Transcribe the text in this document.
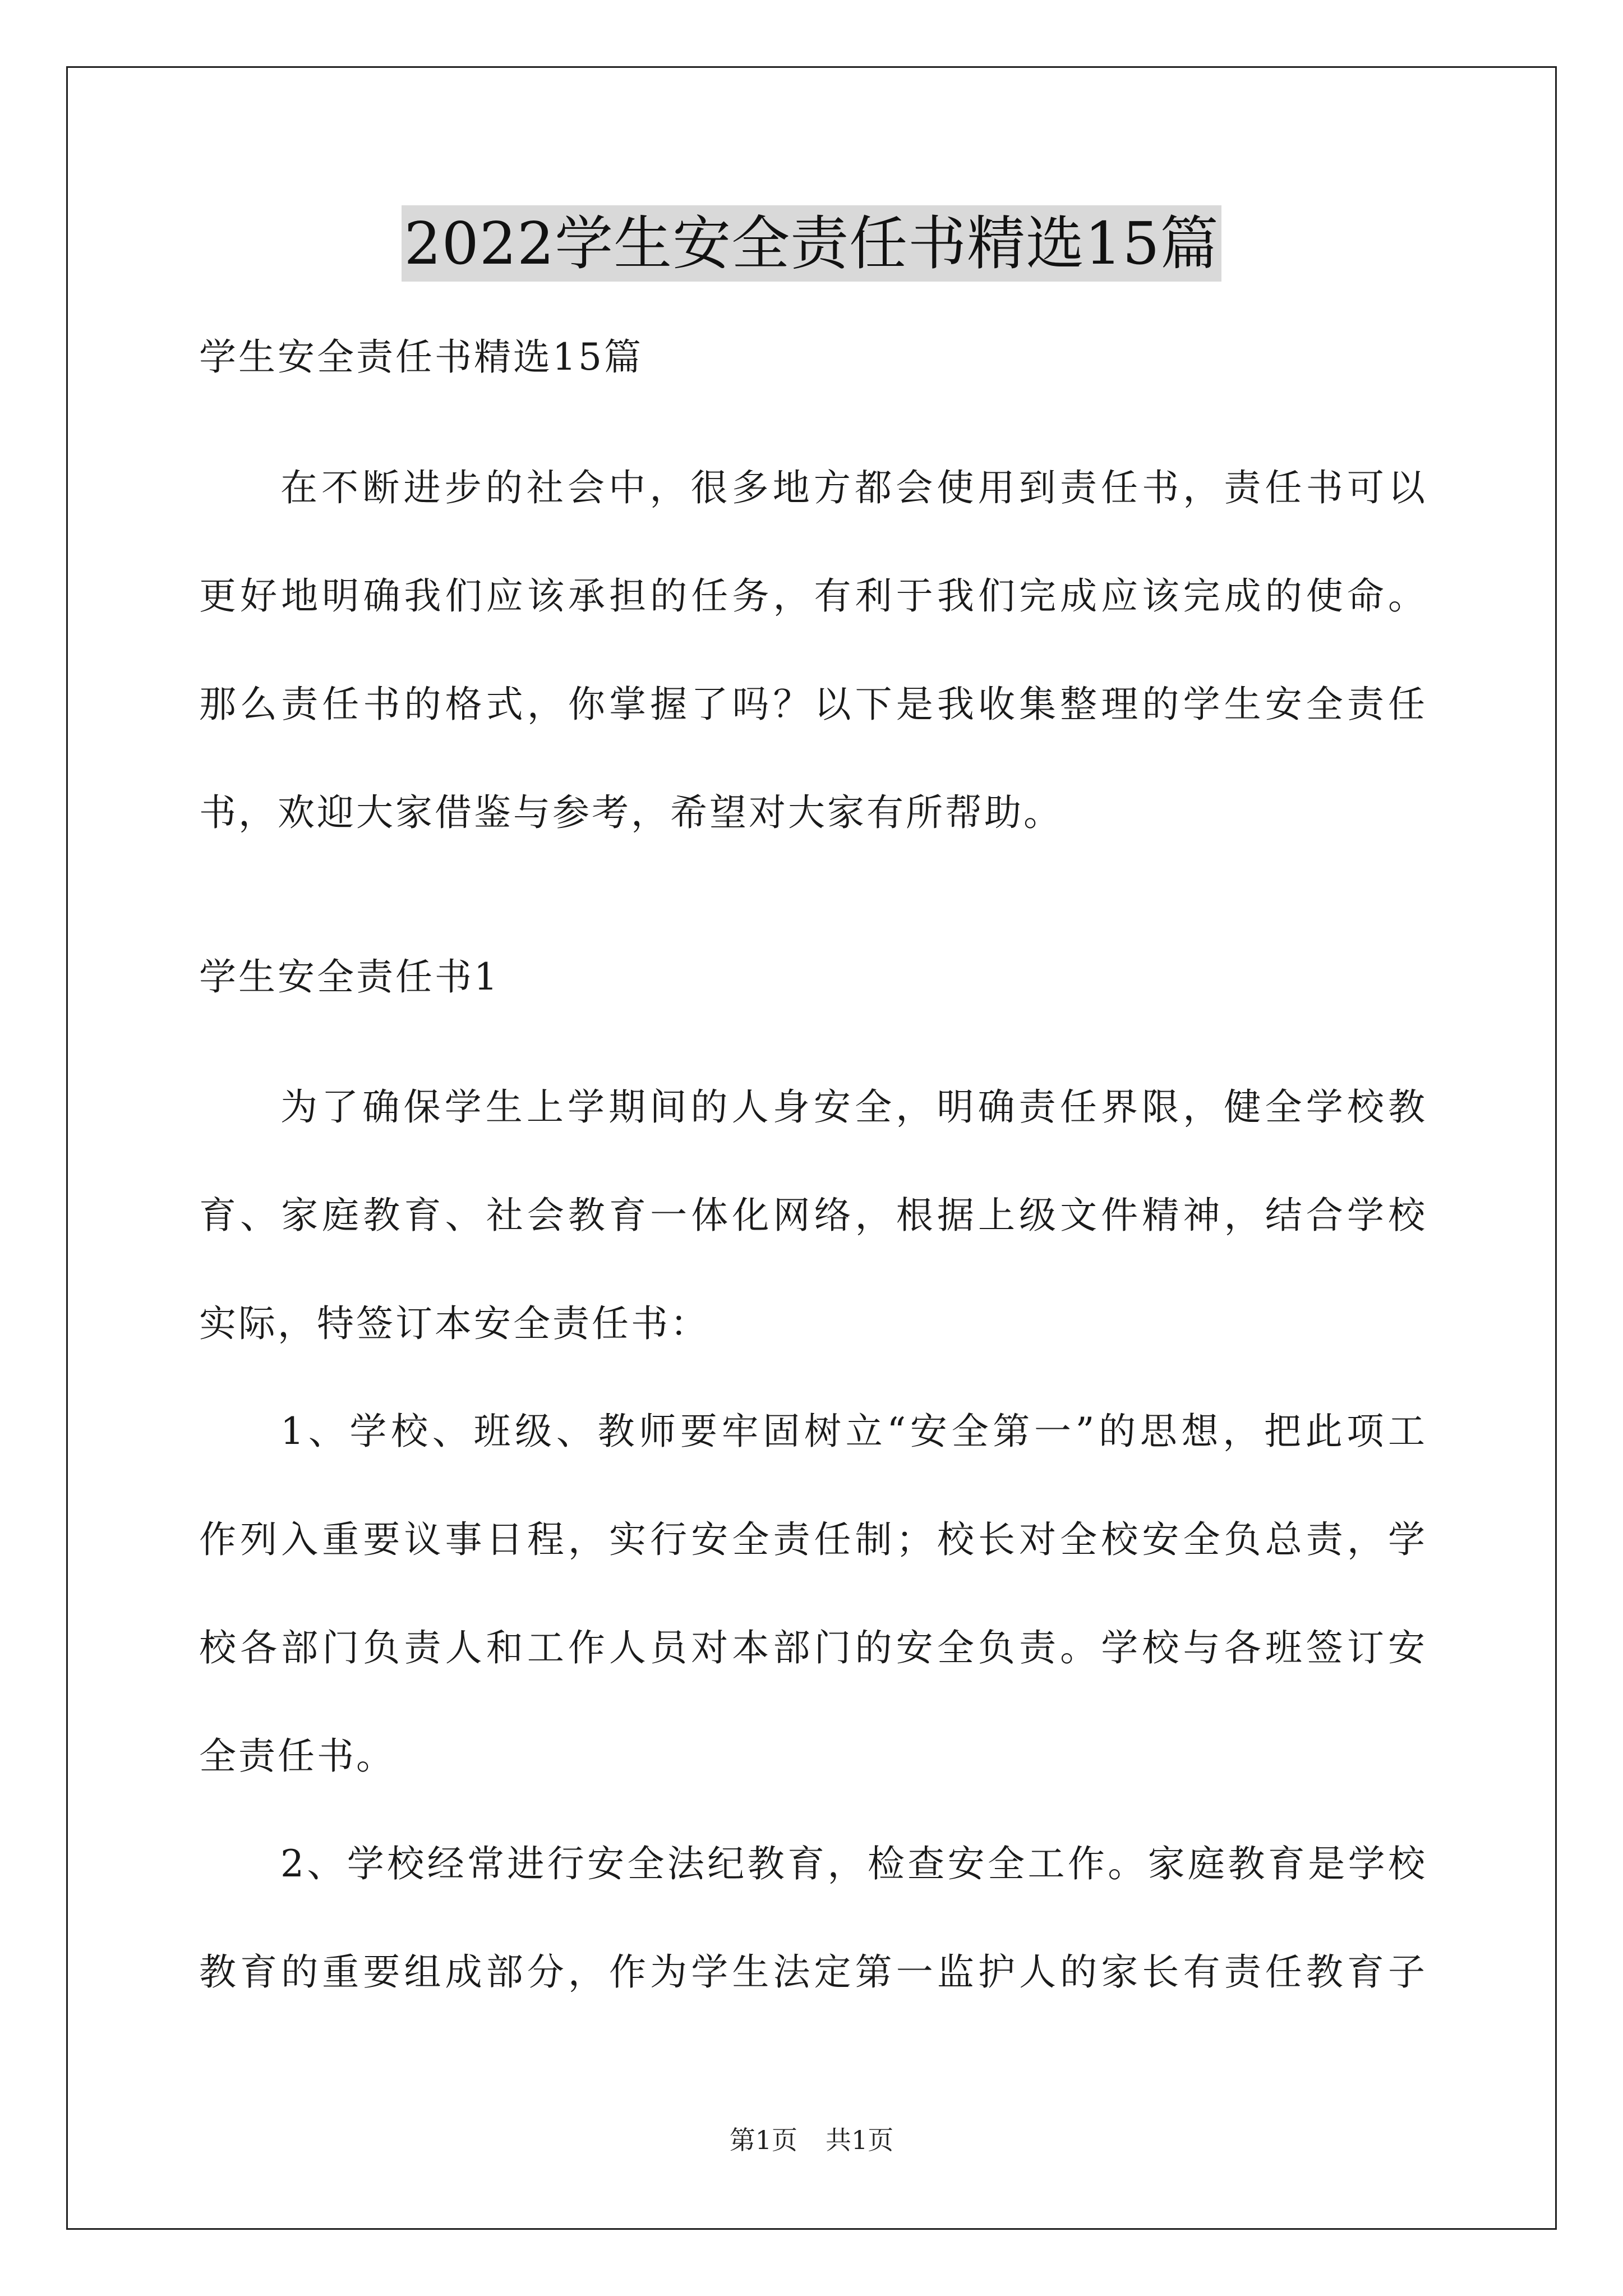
2022学生安全责任书精选15篇
学生安全责任书精选15篇
在不断进步的社会中，很多地方都会使用到责任书，责任书可以
更好地明确我们应该承担的任务，有利于我们完成应该完成的使命。
那么责任书的格式，你掌握了吗？以下是我收集整理的学生安全责任
书，欢迎大家借鉴与参考，希望对大家有所帮助。
学生安全责任书1
为了确保学生上学期间的人身安全，明确责任界限，健全学校教
育、家庭教育、社会教育一体化网络，根据上级文件精神，结合学校
实际，特签订本安全责任书：
1、学校、班级、教师要牢固树立“安全第一”的思想，把此项工
作列入重要议事日程，实行安全责任制；校长对全校安全负总责，学
校各部门负责人和工作人员对本部门的安全负责。学校与各班签订安
全责任书。
2、学校经常进行安全法纪教育，检查安全工作。家庭教育是学校
教育的重要组成部分，作为学生法定第一监护人的家长有责任教育子
第1页 共1页
